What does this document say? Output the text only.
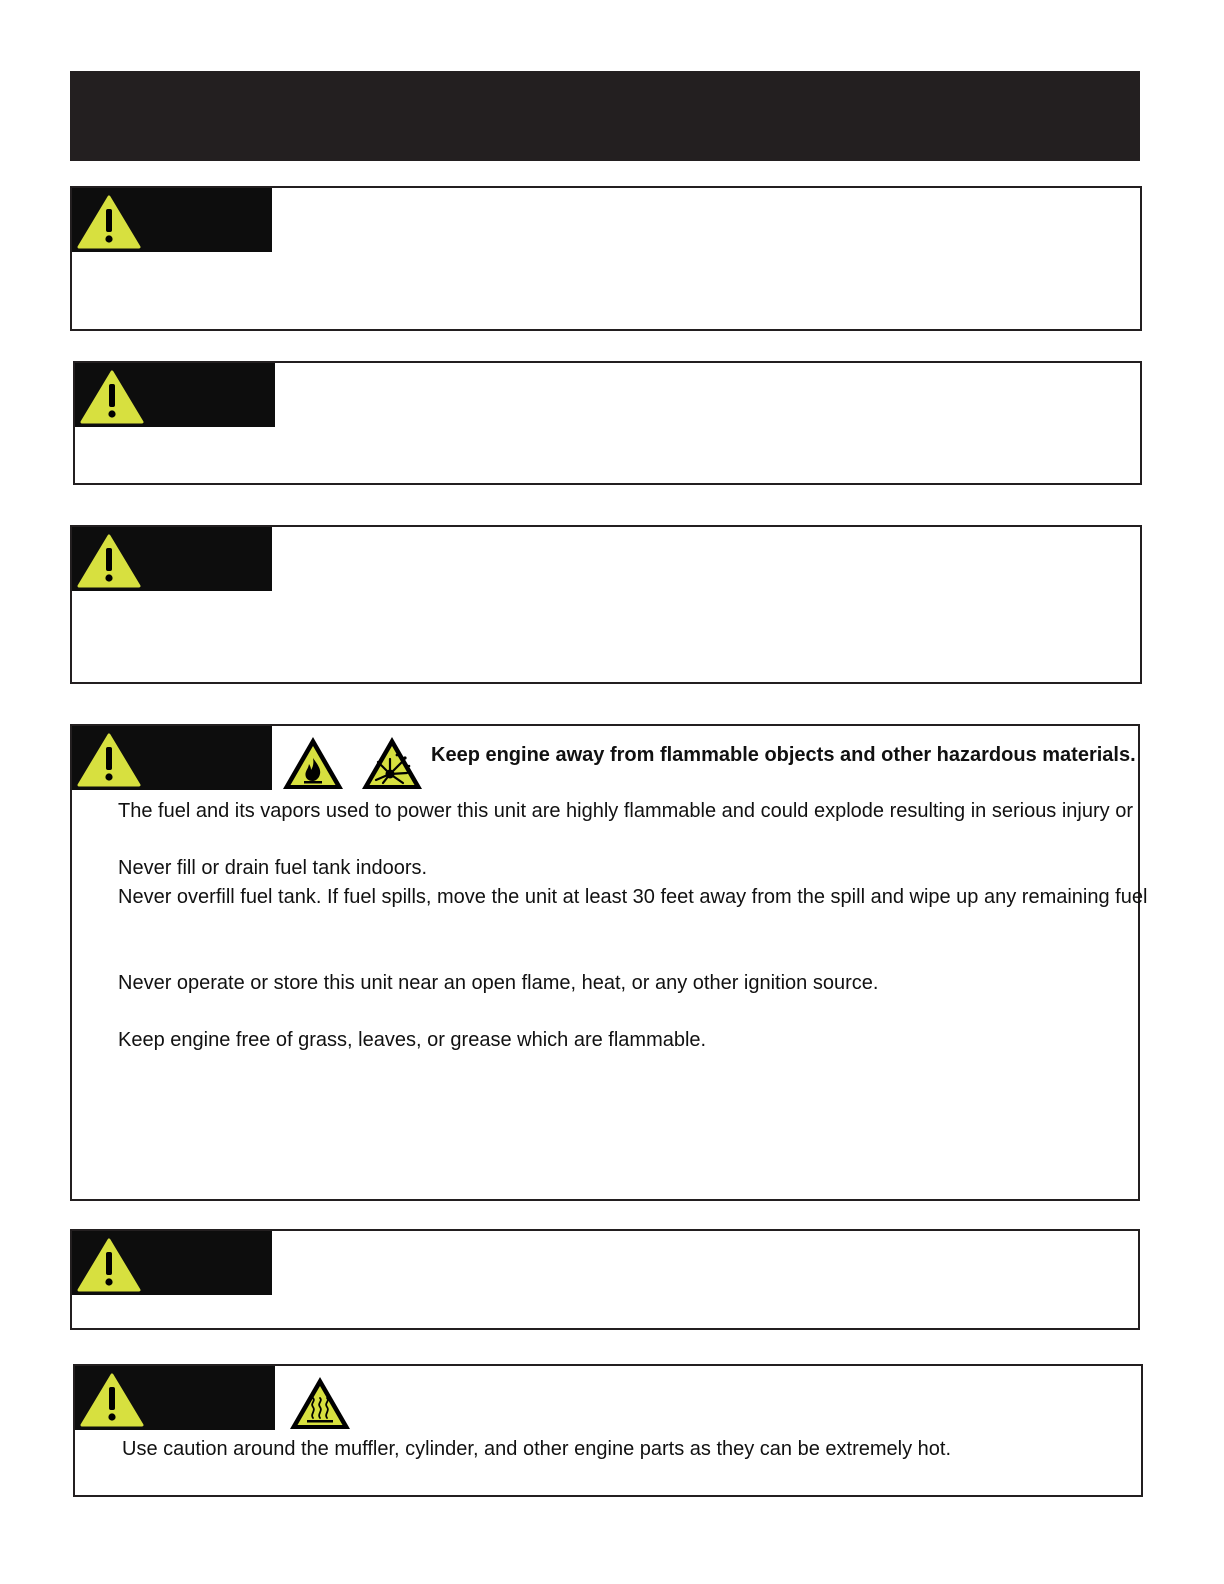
Keep engine away from flammable objects and other hazardous materials.
The fuel and its vapors used to power this unit are highly flammable and could explode resulting in serious injury or
Never fill or drain fuel tank indoors.
Never overfill fuel tank. If fuel spills, move the unit at least 30 feet away from the spill and wipe up any remaining fuel
Never operate or store this unit near an open flame, heat, or any other ignition source.
Keep engine free of grass, leaves, or grease which are flammable.
Use caution around the muffler, cylinder, and other engine parts as they can be extremely hot.
